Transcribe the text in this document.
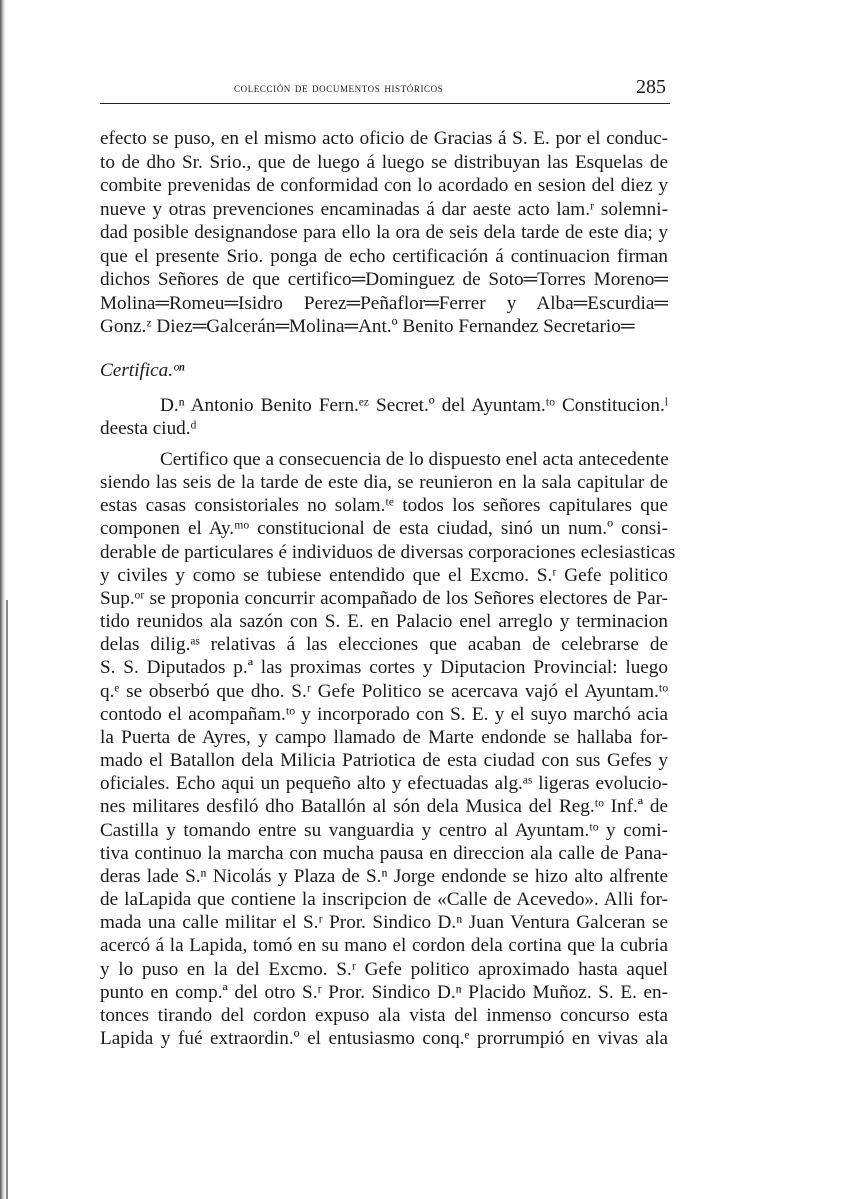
colección de documentos históricos	285
efecto se puso, en el mismo acto oficio de Gracias á S. E. por el conduc-
to de dho Sr. Srio., que de luego á luego se distribuyan las Esquelas de
combite prevenidas de conformidad con lo acordado en sesion del diez y
nueve y otras prevenciones encaminadas á dar aeste acto lam.ʳ solemni-
dad posible designandose para ello la ora de seis dela tarde de este dia; y
que el presente Srio. ponga de echo certificación á continuacion firman
dichos Señores de que certifico═Dominguez de Soto═Torres Moreno═
Molina═Romeu═Isidro Perez═Peñaflor═Ferrer y Alba═Escurdia═
Gonz.ᶻ Diez═Galcerán═Molina═Ant.º Benito Fernandez Secretario═
Certifica.ᵒⁿ
D.ⁿ Antonio Benito Fern.ᵉᶻ Secret.º del Ayuntam.ᵗᵒ Constitucion.ˡ
deesta ciud.ᵈ
Certifico que a consecuencia de lo dispuesto enel acta antecedente
siendo las seis de la tarde de este dia, se reunieron en la sala capitular de
estas casas consistoriales no solam.ᵗᵉ todos los señores capitulares que
componen el Ay.ᵐᵒ constitucional de esta ciudad, sinó un num.º consi-
derable de particulares é individuos de diversas corporaciones eclesiasticas
y civiles y como se tubiese entendido que el Excmo. S.ʳ Gefe politico
Sup.ᵒʳ se proponia concurrir acompañado de los Señores electores de Par-
tido reunidos ala sazón con S. E. en Palacio enel arreglo y terminacion
delas dilig.ᵃˢ relativas á las elecciones que acaban de celebrarse de
S. S. Diputados p.ª las proximas cortes y Diputacion Provincial: luego
q.ᵉ se obserbó que dho. S.ʳ Gefe Politico se acercava vajó el Ayuntam.ᵗᵒ
contodo el acompañam.ᵗᵒ y incorporado con S. E. y el suyo marchó acia
la Puerta de Ayres, y campo llamado de Marte endonde se hallaba for-
mado el Batallon dela Milicia Patriotica de esta ciudad con sus Gefes y
oficiales. Echo aqui un pequeño alto y efectuadas alg.ᵃˢ ligeras evolucio-
nes militares desfiló dho Batallón al són dela Musica del Reg.ᵗᵒ Inf.ª de
Castilla y tomando entre su vanguardia y centro al Ayuntam.ᵗᵒ y comi-
tiva continuo la marcha con mucha pausa en direccion ala calle de Pana-
deras lade S.ⁿ Nicolás y Plaza de S.ⁿ Jorge endonde se hizo alto alfrente
de laLapida que contiene la inscripcion de «Calle de Acevedo». Alli for-
mada una calle militar el S.ʳ Pror. Sindico D.ⁿ Juan Ventura Galceran se
acercó á la Lapida, tomó en su mano el cordon dela cortina que la cubria
y lo puso en la del Excmo. S.ʳ Gefe politico aproximado hasta aquel
punto en comp.ª del otro S.ʳ Pror. Sindico D.ⁿ Placido Muñoz. S. E. en-
tonces tirando del cordon expuso ala vista del inmenso concurso esta
Lapida y fué extraordin.º el entusiasmo conq.ᵉ prorrumpió en vivas ala
